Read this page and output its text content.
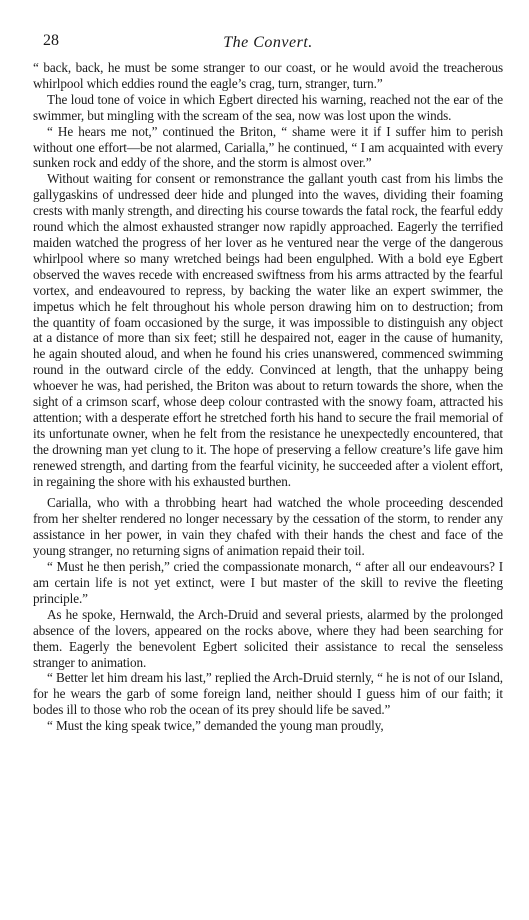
28	The Convert.

“ back, back, he must be some stranger to our coast, or he would avoid the treacherous whirlpool which eddies round the eagle’s crag, turn, stranger, turn.”

The loud tone of voice in which Egbert directed his warning, reached not the ear of the swimmer, but mingling with the scream of the sea, now was lost upon the winds.

“ He hears me not,” continued the Briton, “ shame were it if I suffer him to perish without one effort—be not alarmed, Carialla,” he continued, “ I am acquainted with every sunken rock and eddy of the shore, and the storm is almost over.”

Without waiting for consent or remonstrance the gallant youth cast from his limbs the gallygaskins of undressed deer hide and plunged into the waves, dividing their foaming crests with manly strength, and directing his course towards the fatal rock, the fearful eddy round which the almost exhausted stranger now rapidly approached. Eagerly the terrified maiden watched the progress of her lover as he ventured near the verge of the dangerous whirlpool where so many wretched beings had been engulphed. With a bold eye Egbert observed the waves recede with encreased swiftness from his arms attracted by the fearful vortex, and endeavoured to repress, by backing the water like an expert swimmer, the impetus which he felt throughout his whole person drawing him on to destruction; from the quantity of foam occasioned by the surge, it was impossible to distinguish any object at a distance of more than six feet; still he despaired not, eager in the cause of humanity, he again shouted aloud, and when he found his cries unanswered, commenced swimming round in the outward circle of the eddy. Convinced at length, that the unhappy being whoever he was, had perished, the Briton was about to return towards the shore, when the sight of a crimson scarf, whose deep colour contrasted with the snowy foam, attracted his attention; with a desperate effort he stretched forth his hand to secure the frail memorial of its unfortunate owner, when he felt from the resistance he unexpectedly encountered, that the drowning man yet clung to it. The hope of preserving a fellow creature’s life gave him renewed strength, and darting from the fearful vicinity, he succeeded after a violent effort, in regaining the shore with his exhausted burthen.

Carialla, who with a throbbing heart had watched the whole proceeding descended from her shelter rendered no longer necessary by the cessation of the storm, to render any assistance in her power, in vain they chafed with their hands the chest and face of the young stranger, no returning signs of animation repaid their toil.

“ Must he then perish,” cried the compassionate monarch, “ after all our endeavours? I am certain life is not yet extinct, were I but master of the skill to revive the fleeting principle.”

As he spoke, Hernwald, the Arch-Druid and several priests, alarmed by the prolonged absence of the lovers, appeared on the rocks above, where they had been searching for them. Eagerly the benevolent Egbert solicited their assistance to recal the senseless stranger to animation.

“ Better let him dream his last,” replied the Arch-Druid sternly, “ he is not of our Island, for he wears the garb of some foreign land, neither should I guess him of our faith; it bodes ill to those who rob the ocean of its prey should life be saved.”

“ Must the king speak twice,” demanded the young man proudly,
